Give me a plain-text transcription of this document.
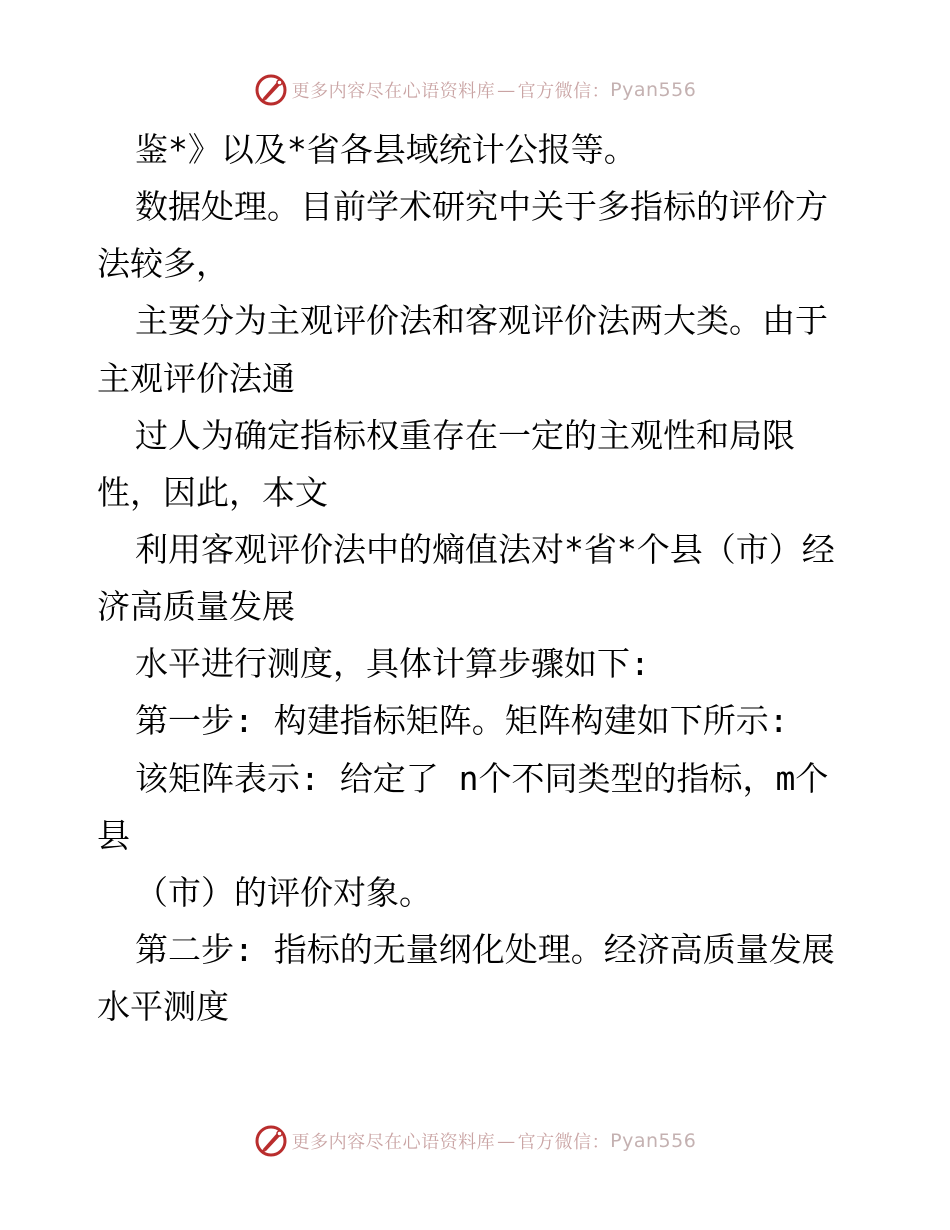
更多内容尽在心语资料库 — 官方微信： Pyan556
鉴*》以及*省各县域统计公报等。
数据处理。目前学术研究中关于多指标的评价方
法较多，
主要分为主观评价法和客观评价法两大类。由于
主观评价法通
过人为确定指标权重存在一定的主观性和局限
性，因此，本文
利用客观评价法中的熵值法对*省*个县（市）经
济高质量发展
水平进行测度，具体计算步骤如下:
第一步: 构建指标矩阵。矩阵构建如下所示:
该矩阵表示: 给定了 n个不同类型的指标，m个
县
（市）的评价对象。
第二步: 指标的无量纲化处理。经济高质量发展
水平测度
更多内容尽在心语资料库 — 官方微信： Pyan556
